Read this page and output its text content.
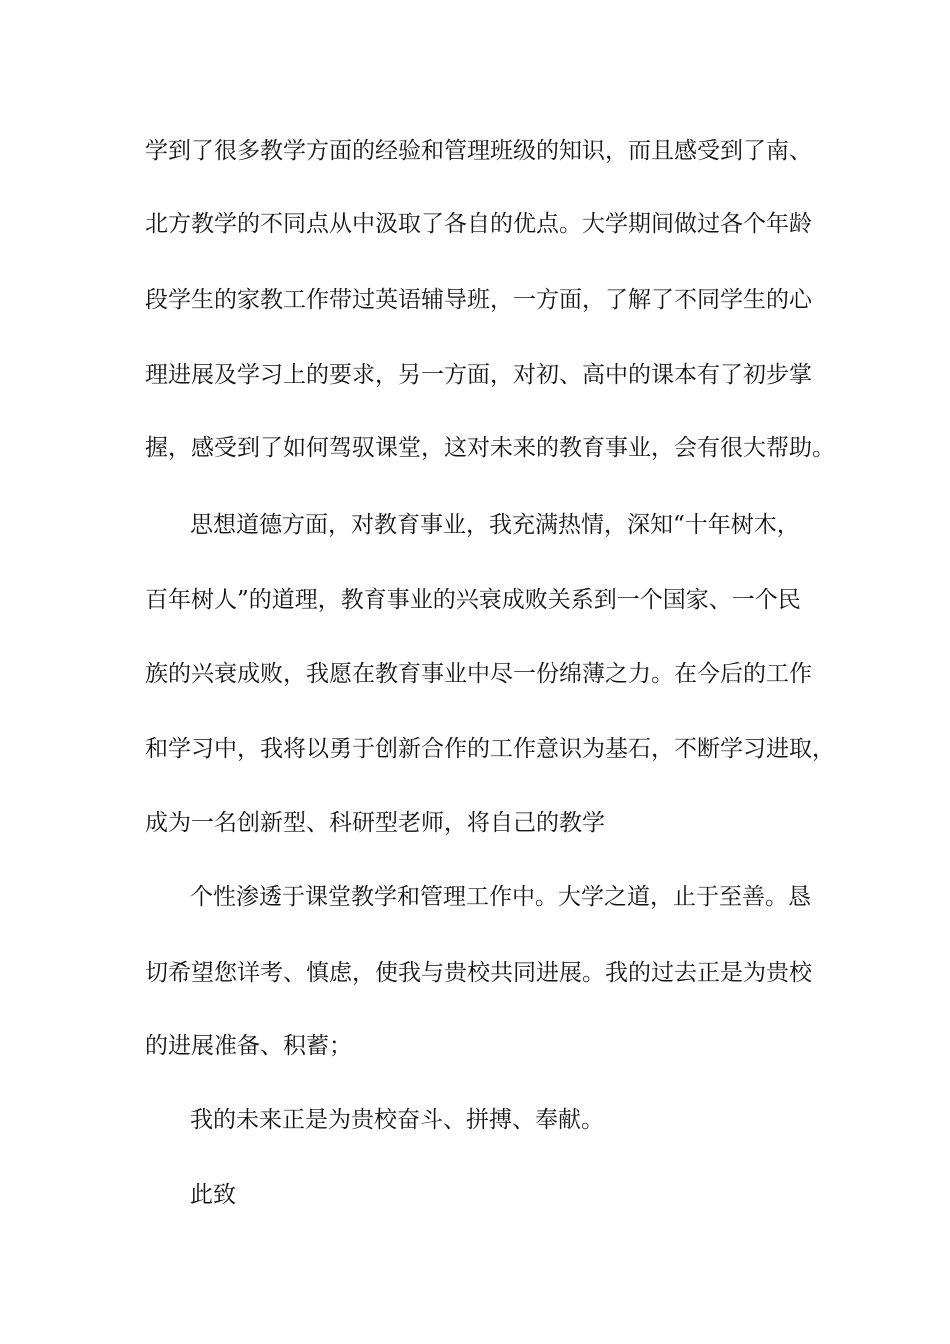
学到了很多教学方面的经验和管理班级的知识，而且感受到了南、
北方教学的不同点从中汲取了各自的优点。大学期间做过各个年龄
段学生的家教工作带过英语辅导班，一方面，了解了不同学生的心
理进展及学习上的要求，另一方面，对初、高中的课本有了初步掌
握，感受到了如何驾驭课堂，这对未来的教育事业，会有很大帮助。
思想道德方面，对教育事业，我充满热情，深知“十年树木，
百年树人”的道理，教育事业的兴衰成败关系到一个国家、一个民
族的兴衰成败，我愿在教育事业中尽一份绵薄之力。在今后的工作
和学习中，我将以勇于创新合作的工作意识为基石，不断学习进取，
成为一名创新型、科研型老师，将自己的教学
个性渗透于课堂教学和管理工作中。大学之道，止于至善。恳
切希望您详考、慎虑，使我与贵校共同进展。我的过去正是为贵校
的进展准备、积蓄；
我的未来正是为贵校奋斗、拼搏、奉献。
此致
